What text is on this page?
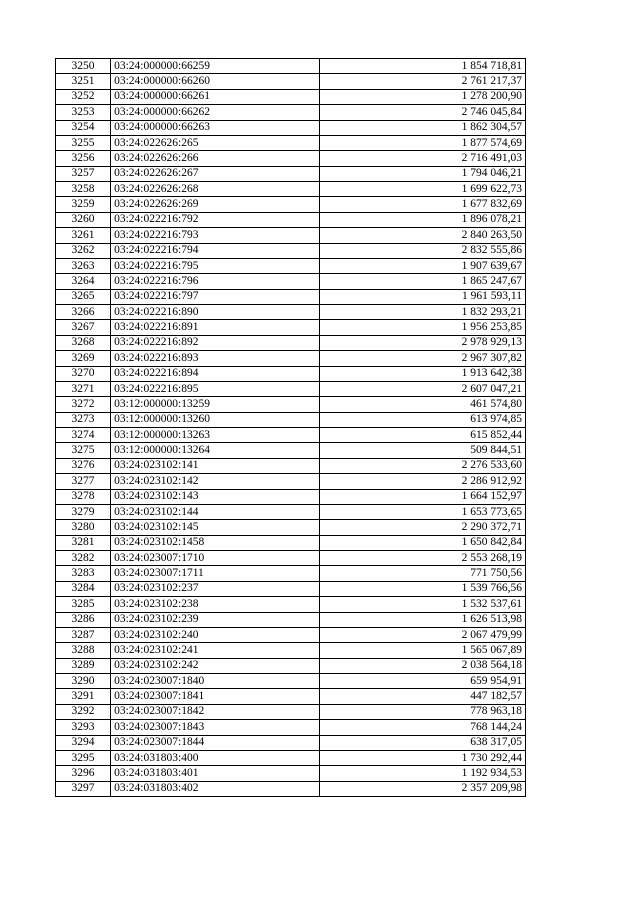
3250	03:24:000000:66259	1 854 718,81
3251	03:24:000000:66260	2 761 217,37
3252	03:24:000000:66261	1 278 200,90
3253	03:24:000000:66262	2 746 045,84
3254	03:24:000000:66263	1 862 304,57
3255	03:24:022626:265	1 877 574,69
3256	03:24:022626:266	2 716 491,03
3257	03:24:022626:267	1 794 046,21
3258	03:24:022626:268	1 699 622,73
3259	03:24:022626:269	1 677 832,69
3260	03:24:022216:792	1 896 078,21
3261	03:24:022216:793	2 840 263,50
3262	03:24:022216:794	2 832 555,86
3263	03:24:022216:795	1 907 639,67
3264	03:24:022216:796	1 865 247,67
3265	03:24:022216:797	1 961 593,11
3266	03:24:022216:890	1 832 293,21
3267	03:24:022216:891	1 956 253,85
3268	03:24:022216:892	2 978 929,13
3269	03:24:022216:893	2 967 307,82
3270	03:24:022216:894	1 913 642,38
3271	03:24:022216:895	2 607 047,21
3272	03:12:000000:13259	461 574,80
3273	03:12:000000:13260	613 974,85
3274	03:12:000000:13263	615 852,44
3275	03:12:000000:13264	509 844,51
3276	03:24:023102:141	2 276 533,60
3277	03:24:023102:142	2 286 912,92
3278	03:24:023102:143	1 664 152,97
3279	03:24:023102:144	1 653 773,65
3280	03:24:023102:145	2 290 372,71
3281	03:24:023102:1458	1 650 842,84
3282	03:24:023007:1710	2 553 268,19
3283	03:24:023007:1711	771 750,56
3284	03:24:023102:237	1 539 766,56
3285	03:24:023102:238	1 532 537,61
3286	03:24:023102:239	1 626 513,98
3287	03:24:023102:240	2 067 479,99
3288	03:24:023102:241	1 565 067,89
3289	03:24:023102:242	2 038 564,18
3290	03:24:023007:1840	659 954,91
3291	03:24:023007:1841	447 182,57
3292	03:24:023007:1842	778 963,18
3293	03:24:023007:1843	768 144,24
3294	03:24:023007:1844	638 317,05
3295	03:24:031803:400	1 730 292,44
3296	03:24:031803:401	1 192 934,53
3297	03:24:031803:402	2 357 209,98
